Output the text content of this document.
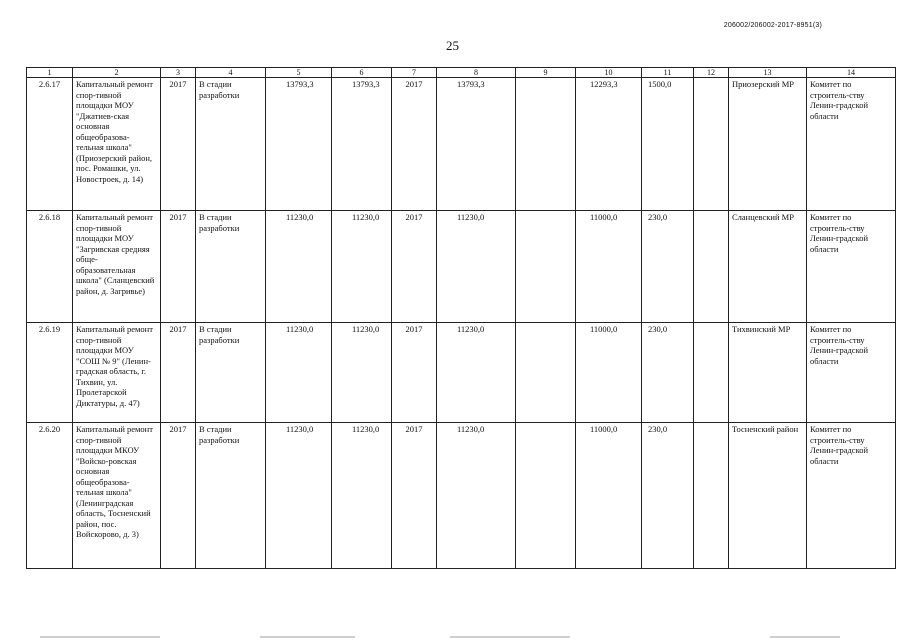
206002/206002-2017-8951(3)
25
1	2	3	4	5	6	7	8	9	10	11	12	13	14
2.6.17	Капитальный ремонт спор-тивной площадки МОУ "Джатиев-ская основная общеобразова-тельная школа" (Приозерский район, пос. Ромашки, ул. Новостроек, д. 14)	2017	В стадии разработки	13793,3	13793,3	2017	13793,3		12293,3	1500,0		Приозерский МР	Комитет по строитель-ству Ленин-градской области
2.6.18	Капитальный ремонт спор-тивной площадки МОУ "Загривская средняя обще-образовательная школа" (Сланцевский район, д. Загривье)	2017	В стадии разработки	11230,0	11230,0	2017	11230,0		11000,0	230,0		Сланцевский МР	Комитет по строитель-ству Ленин-градской области
2.6.19	Капитальный ремонт спор-тивной площадки МОУ "СОШ № 9" (Ленин-градская область, г. Тихвин, ул. Пролетарской Диктатуры, д. 47)	2017	В стадии разработки	11230,0	11230,0	2017	11230,0		11000,0	230,0		Тихвинский МР	Комитет по строитель-ству Ленин-градской области
2.6.20	Капитальный ремонт спор-тивной площадки МКОУ "Войско-ровская основная общеобразова-тельная школа" (Ленинградская область, Тосненский район, пос. Войскорово, д. 3)	2017	В стадии разработки	11230,0	11230,0	2017	11230,0		11000,0	230,0		Тосненский район	Комитет по строитель-ству Ленин-градской области
